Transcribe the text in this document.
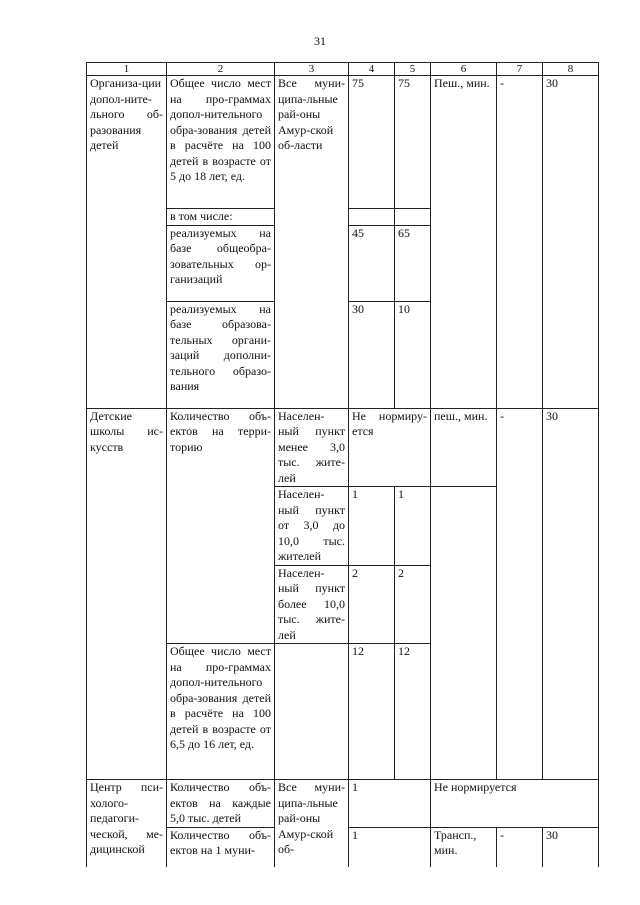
31
1	2	3	4	5	6	7	8
Организа-ции допол-ните-льного об-разования детей	Общее число мест на про-граммах допол-нительного обра-зования детей в расчёте на 100 детей в возрасте от 5 до 18 лет, ед.	Все муни-ципа-льные рай-оны Амур-ской об-ласти	75	75	Пеш., мин.	-	30
	в том числе:						
	реализуемых на базе общеобра-зовательных ор-ганизаций		45	65			
	реализуемых на базе образова-тельных органи-заций дополни-тельного образо-вания		30	10			
Детские школы ис-кусств	Количество объ-ектов на терри-торию	Населен-ный пункт менее 3,0 тыс. жите-лей	Не нормиру-ется		пеш., мин.	-	30
		Населен-ный пункт от 3,0 до 10,0 тыс. жителей	1	1			
		Населен-ный пункт более 10,0 тыс. жите-лей	2	2			
	Общее число мест на про-граммах допол-нительного обра-зования детей в расчёте на 100 детей в возрасте от 6,5 до 16 лет, ед.		12	12			
Центр пси-холого-педагоги-ческой, ме-дицинской	Количество объ-ектов на каждые 5,0 тыс. детей	Все муни-ципа-льные рай-оны Амур-ской об-	1		Не нормируется		
	Количество объ-ектов на 1 муни-		1		Трансп., мин.	-	30
